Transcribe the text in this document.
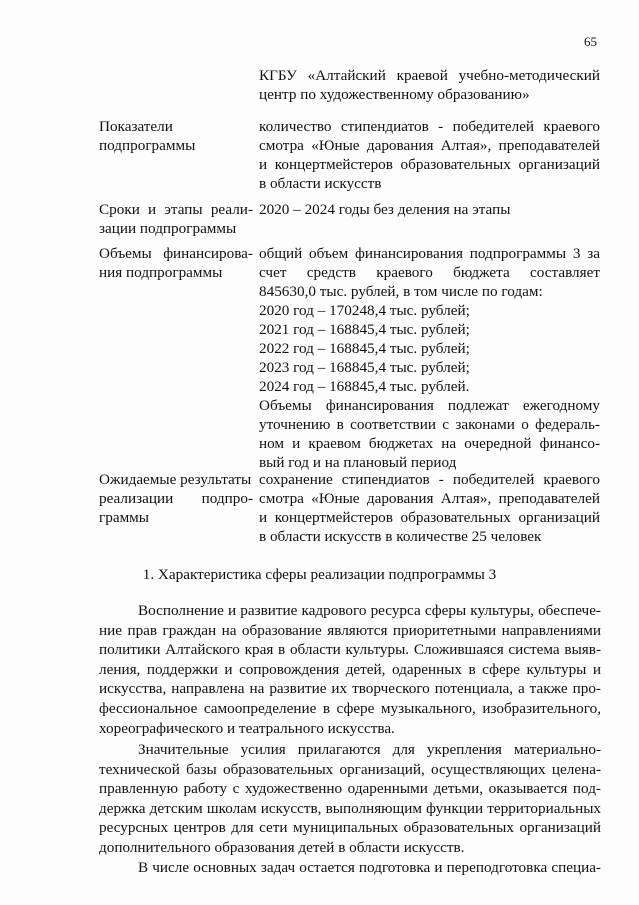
65
КГБУ «Алтайский краевой учебно-методический
центр по художественному образованию»
Показатели
подпрограммы
количество стипендиатов - победителей краевого
смотра «Юные дарования Алтая», преподавателей
и концертмейстеров образовательных организаций
в области искусств
Сроки и этапы реали-
зации подпрограммы
2020 – 2024 годы без деления на этапы
Объемы финансирова-
ния подпрограммы
общий объем финансирования подпрограммы 3 за
счет средств краевого бюджета составляет
845630,0 тыс. рублей, в том числе по годам:
2020 год – 170248,4 тыс. рублей;
2021 год – 168845,4 тыс. рублей;
2022 год – 168845,4 тыс. рублей;
2023 год – 168845,4 тыс. рублей;
2024 год – 168845,4 тыс. рублей.
Объемы финансирования подлежат ежегодному
уточнению в соответствии с законами о федераль-
ном и краевом бюджетах на очередной финансо-
вый год и на плановый период
Ожидаемые результаты
реализации подпро-
граммы
сохранение стипендиатов - победителей краевого
смотра «Юные дарования Алтая», преподавателей
и концертмейстеров образовательных организаций
в области искусств в количестве 25 человек
1. Характеристика сферы реализации подпрограммы 3
Восполнение и развитие кадрового ресурса сферы культуры, обеспече-
ние прав граждан на образование являются приоритетными направлениями
политики Алтайского края в области культуры. Сложившаяся система выяв-
ления, поддержки и сопровождения детей, одаренных в сфере культуры и
искусства, направлена на развитие их творческого потенциала, а также про-
фессиональное самоопределение в сфере музыкального, изобразительного,
хореографического и театрального искусства.
Значительные усилия прилагаются для укрепления материально-
технической базы образовательных организаций, осуществляющих целена-
правленную работу с художественно одаренными детьми, оказывается под-
держка детским школам искусств, выполняющим функции территориальных
ресурсных центров для сети муниципальных образовательных организаций
дополнительного образования детей в области искусств.
В числе основных задач остается подготовка и переподготовка специа-
